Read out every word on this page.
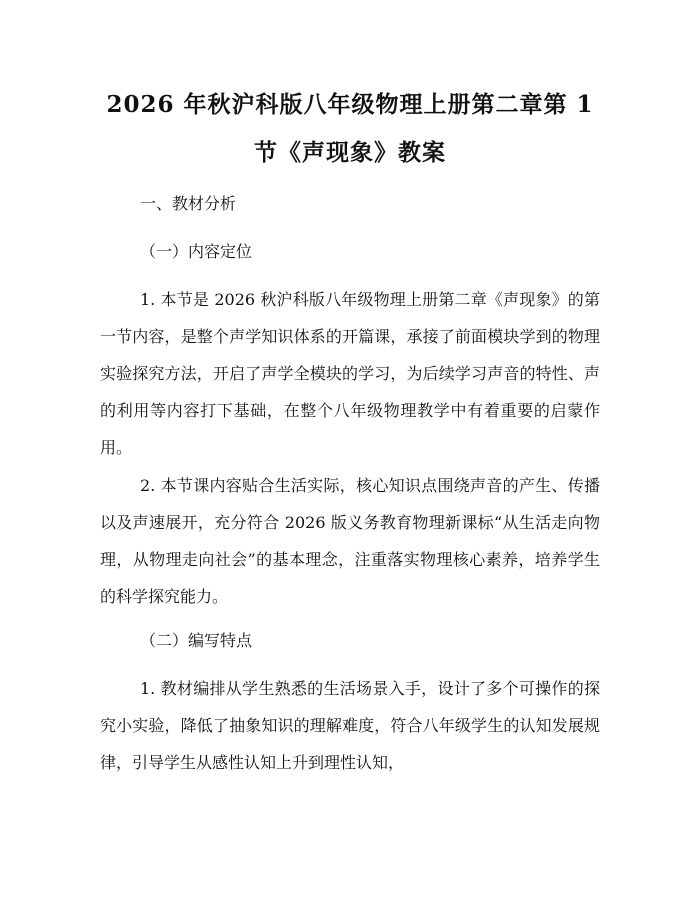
2026 年秋沪科版八年级物理上册第二章第 1
节《声现象》教案
一、教材分析
（一）内容定位

1. 本节是 2026 秋沪科版八年级物理上册第二章《声现象》的第一节内容，是整个声学知识体系的开篇课，承接了前面模块学到的物理实验探究方法，开启了声学全模块的学习，为后续学习声音的特性、声的利用等内容打下基础，在整个八年级物理教学中有着重要的启蒙作用。

2. 本节课内容贴合生活实际，核心知识点围绕声音的产生、传播以及声速展开，充分符合 2026 版义务教育物理新课标“从生活走向物理，从物理走向社会”的基本理念，注重落实物理核心素养，培养学生的科学探究能力。

（二）编写特点

1. 教材编排从学生熟悉的生活场景入手，设计了多个可操作的探究小实验，降低了抽象知识的理解难度，符合八年级学生的认知发展规律，引导学生从感性认知上升到理性认知，
